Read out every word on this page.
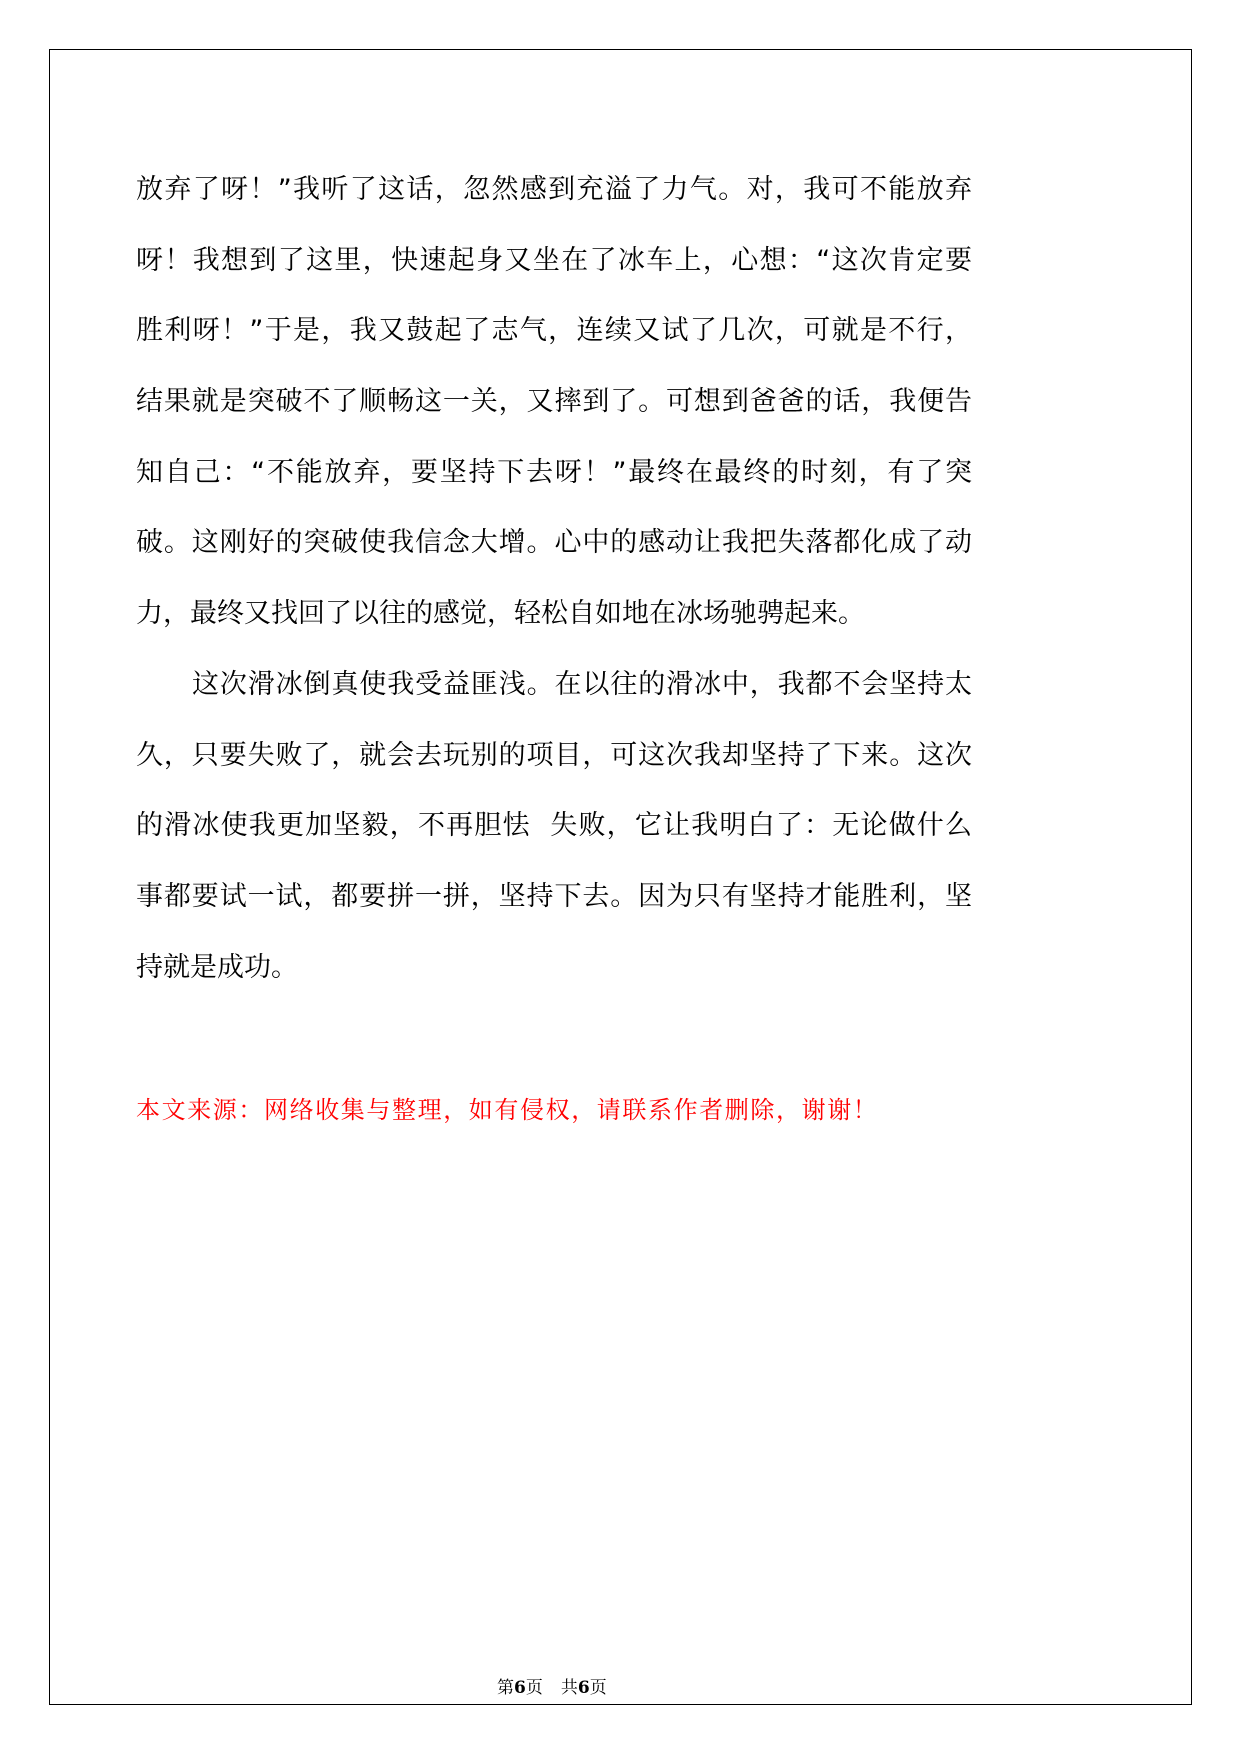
放弃了呀！”我听了这话，忽然感到充溢了力气。对，我可不能放弃
呀！我想到了这里，快速起身又坐在了冰车上，心想：“这次肯定要
胜利呀！”于是，我又鼓起了志气，连续又试了几次，可就是不行，
结果就是突破不了顺畅这一关，又摔到了。可想到爸爸的话，我便告
知自己：“不能放弃，要坚持下去呀！”最终在最终的时刻，有了突
破。这刚好的突破使我信念大增。心中的感动让我把失落都化成了动
力，最终又找回了以往的感觉，轻松自如地在冰场驰骋起来。
这次滑冰倒真使我受益匪浅。在以往的滑冰中，我都不会坚持太
久，只要失败了，就会去玩别的项目，可这次我却坚持了下来。这次
的滑冰使我更加坚毅，不再胆怯  失败，它让我明白了：无论做什么
事都要试一试，都要拼一拼，坚持下去。因为只有坚持才能胜利，坚
持就是成功。
本文来源：网络收集与整理，如有侵权，请联系作者删除，谢谢！
第6页 共6页
